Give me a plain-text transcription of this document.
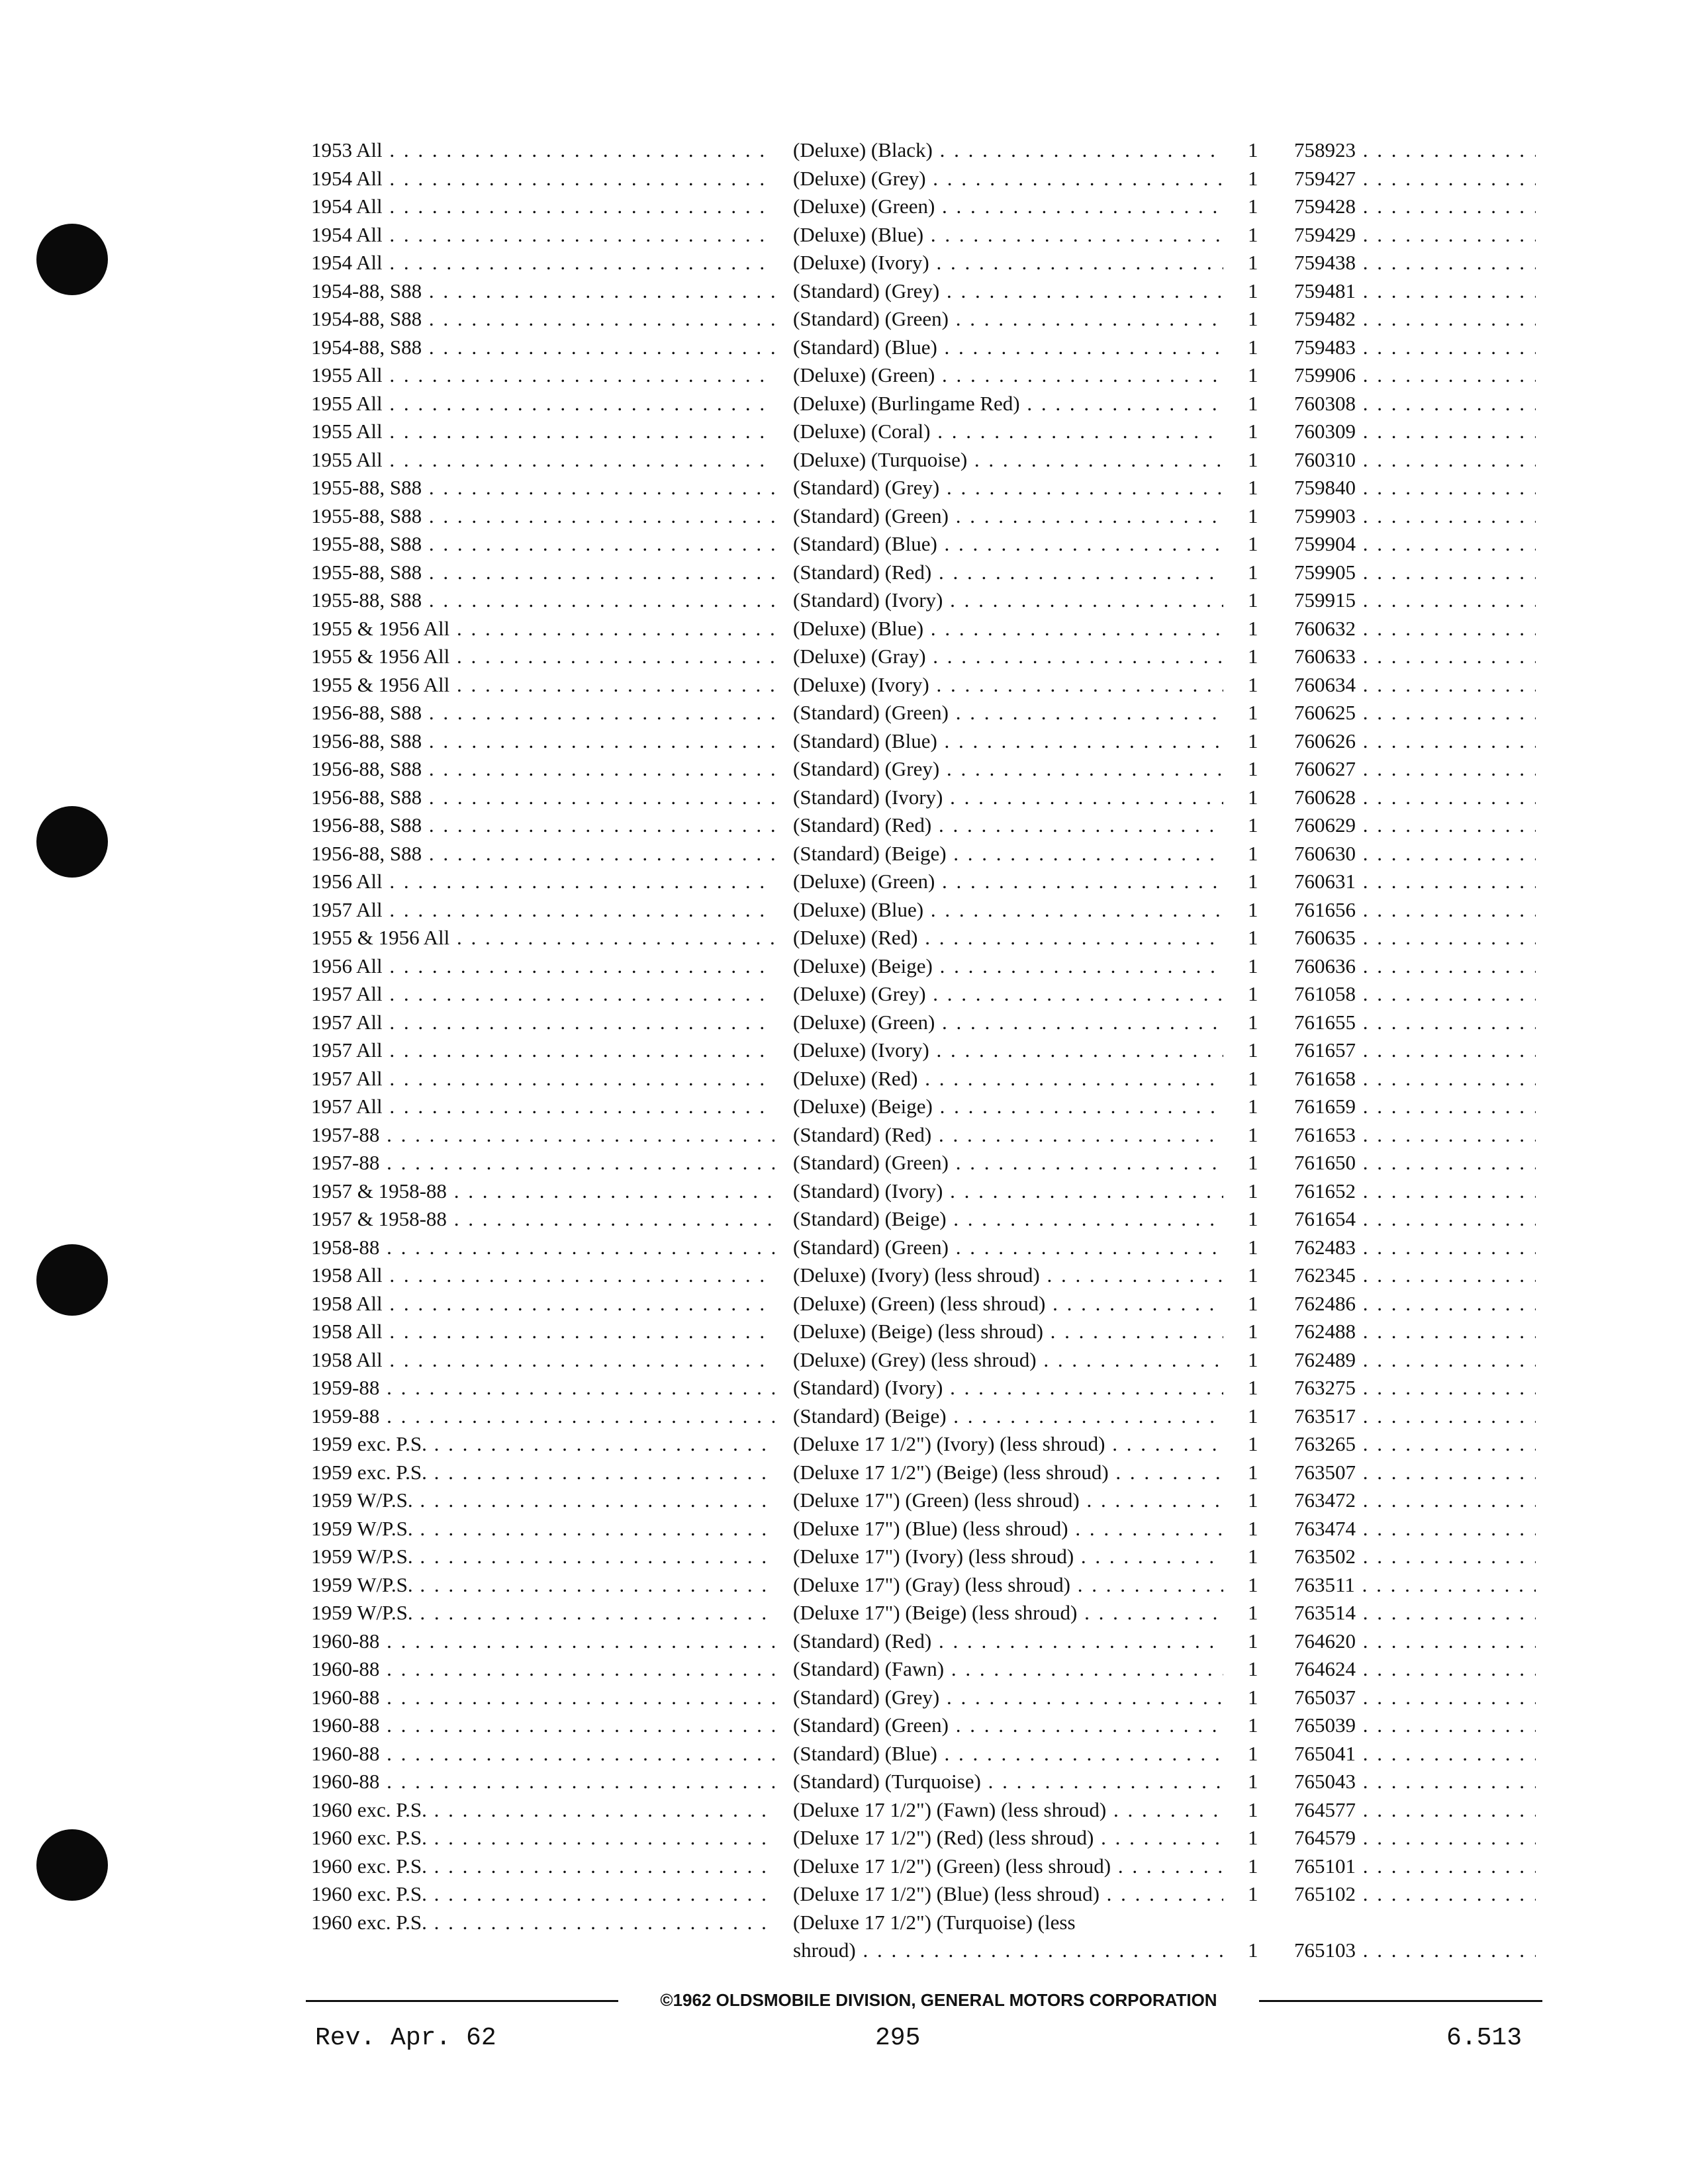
1953 All . . .	(Deluxe) (Black) . . .	1	758923 . . .
1954 All . . .	(Deluxe) (Grey) . . .	1	759427 . . .
1954 All . . .	(Deluxe) (Green) . . .	1	759428 . . .
1954 All . . .	(Deluxe) (Blue) . . .	1	759429 . . .
1954 All . . .	(Deluxe) (Ivory) . . .	1	759438 . . .
1954-88, S88 . . .	(Standard) (Grey) . . .	1	759481 . . .
1954-88, S88 . . .	(Standard) (Green) . . .	1	759482 . . .
1954-88, S88 . . .	(Standard) (Blue) . . .	1	759483 . . .
1955 All . . .	(Deluxe) (Green) . . .	1	759906 . . .
1955 All . . .	(Deluxe) (Burlingame Red) . . .	1	760308 . . .
1955 All . . .	(Deluxe) (Coral) . . .	1	760309 . . .
1955 All . . .	(Deluxe) (Turquoise) . . .	1	760310 . . .
1955-88, S88 . . .	(Standard) (Grey) . . .	1	759840 . . .
1955-88, S88 . . .	(Standard) (Green) . . .	1	759903 . . .
1955-88, S88 . . .	(Standard) (Blue) . . .	1	759904 . . .
1955-88, S88 . . .	(Standard) (Red) . . .	1	759905 . . .
1955-88, S88 . . .	(Standard) (Ivory) . . .	1	759915 . . .
1955 & 1956 All . . .	(Deluxe) (Blue) . . .	1	760632 . . .
1955 & 1956 All . . .	(Deluxe) (Gray) . . .	1	760633 . . .
1955 & 1956 All . . .	(Deluxe) (Ivory) . . .	1	760634 . . .
1956-88, S88 . . .	(Standard) (Green) . . .	1	760625 . . .
1956-88, S88 . . .	(Standard) (Blue) . . .	1	760626 . . .
1956-88, S88 . . .	(Standard) (Grey) . . .	1	760627 . . .
1956-88, S88 . . .	(Standard) (Ivory) . . .	1	760628 . . .
1956-88, S88 . . .	(Standard) (Red) . . .	1	760629 . . .
1956-88, S88 . . .	(Standard) (Beige) . . .	1	760630 . . .
1956 All . . .	(Deluxe) (Green) . . .	1	760631 . . .
1957 All . . .	(Deluxe) (Blue) . . .	1	761656 . . .
1955 & 1956 All . . .	(Deluxe) (Red) . . .	1	760635 . . .
1956 All . . .	(Deluxe) (Beige) . . .	1	760636 . . .
1957 All . . .	(Deluxe) (Grey) . . .	1	761058 . . .
1957 All . . .	(Deluxe) (Green) . . .	1	761655 . . .
1957 All . . .	(Deluxe) (Ivory) . . .	1	761657 . . .
1957 All . . .	(Deluxe) (Red) . . .	1	761658 . . .
1957 All . . .	(Deluxe) (Beige) . . .	1	761659 . . .
1957-88 . . .	(Standard) (Red) . . .	1	761653 . . .
1957-88 . . .	(Standard) (Green) . . .	1	761650 . . .
1957 & 1958-88 . . .	(Standard) (Ivory) . . .	1	761652 . . .
1957 & 1958-88 . . .	(Standard) (Beige) . . .	1	761654 . . .
1958-88 . . .	(Standard) (Green) . . .	1	762483 . . .
1958 All . . .	(Deluxe) (Ivory) (less shroud) . . .	1	762345 . . .
1958 All . . .	(Deluxe) (Green) (less shroud) . . .	1	762486 . . .
1958 All . . .	(Deluxe) (Beige) (less shroud) . . .	1	762488 . . .
1958 All . . .	(Deluxe) (Grey) (less shroud) . . .	1	762489 . . .
1959-88 . . .	(Standard) (Ivory) . . .	1	763275 . . .
1959-88 . . .	(Standard) (Beige) . . .	1	763517 . . .
1959 exc. P.S. . . .	(Deluxe 17 1/2") (Ivory) (less shroud) . . .	1	763265 . . .
1959 exc. P.S. . . .	(Deluxe 17 1/2") (Beige) (less shroud) . . .	1	763507 . . .
1959 W/P.S. . . .	(Deluxe 17") (Green) (less shroud) . . .	1	763472 . . .
1959 W/P.S. . . .	(Deluxe 17") (Blue) (less shroud) . . .	1	763474 . . .
1959 W/P.S. . . .	(Deluxe 17") (Ivory) (less shroud) . . .	1	763502 . . .
1959 W/P.S. . . .	(Deluxe 17") (Gray) (less shroud) . . .	1	763511 . . .
1959 W/P.S. . . .	(Deluxe 17") (Beige) (less shroud) . . .	1	763514 . . .
1960-88 . . .	(Standard) (Red) . . .	1	764620 . . .
1960-88 . . .	(Standard) (Fawn) . . .	1	764624 . . .
1960-88 . . .	(Standard) (Grey) . . .	1	765037 . . .
1960-88 . . .	(Standard) (Green) . . .	1	765039 . . .
1960-88 . . .	(Standard) (Blue) . . .	1	765041 . . .
1960-88 . . .	(Standard) (Turquoise) . . .	1	765043 . . .
1960 exc. P.S. . . .	(Deluxe 17 1/2") (Fawn) (less shroud) . . .	1	764577 . . .
1960 exc. P.S. . . .	(Deluxe 17 1/2") (Red) (less shroud) . . .	1	764579 . . .
1960 exc. P.S. . . .	(Deluxe 17 1/2") (Green) (less shroud) . . .	1	765101 . . .
1960 exc. P.S. . . .	(Deluxe 17 1/2") (Blue) (less shroud) . . .	1	765102 . . .
1960 exc. P.S. . . .	(Deluxe 17 1/2") (Turquoise) (less
shroud) . . .	1	765103 . . .
©1962 OLDSMOBILE DIVISION, GENERAL MOTORS CORPORATION
Rev. Apr. 62	295	6.513
